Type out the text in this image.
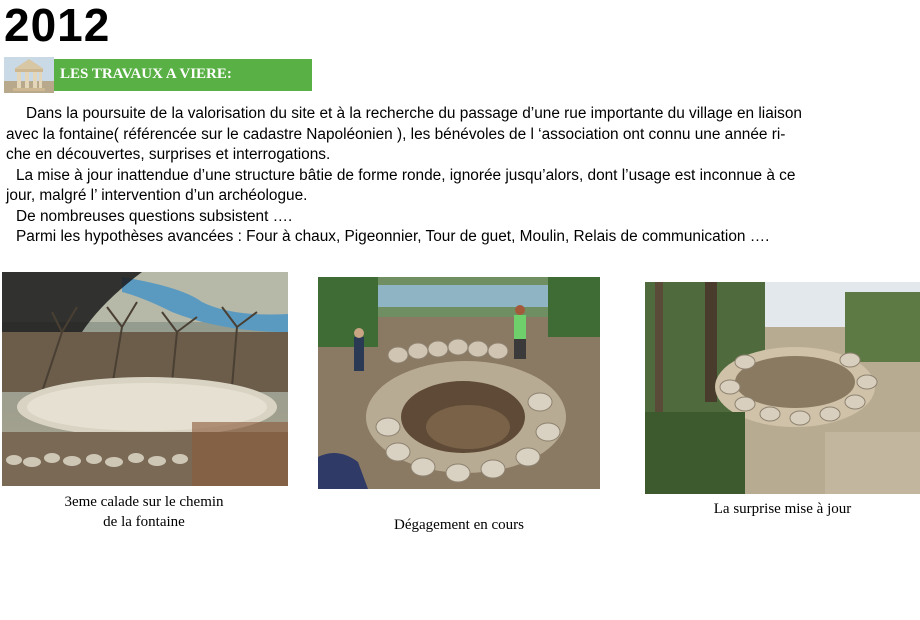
2012
LES TRAVAUX A VIERE:

Dans la poursuite de la valorisation du site et à la recherche du passage d’une rue importante du village en liaison

avec la fontaine( référencée sur le cadastre Napoléonien ), les bénévoles de l ‘association ont connu une année ri-

che en découvertes, surprises et interrogations.

La mise à jour inattendue d’une structure bâtie de forme ronde, ignorée jusqu’alors, dont l’usage est inconnue à ce

jour, malgré l’ intervention d’un archéologue.

De nombreuses questions subsistent ….

Parmi les hypothèses avancées : Four à chaux, Pigeonnier, Tour de guet, Moulin, Relais de communication ….

3eme calade sur le chemin
de la fontaine	Dégagement en cours
La surprise mise à jour
